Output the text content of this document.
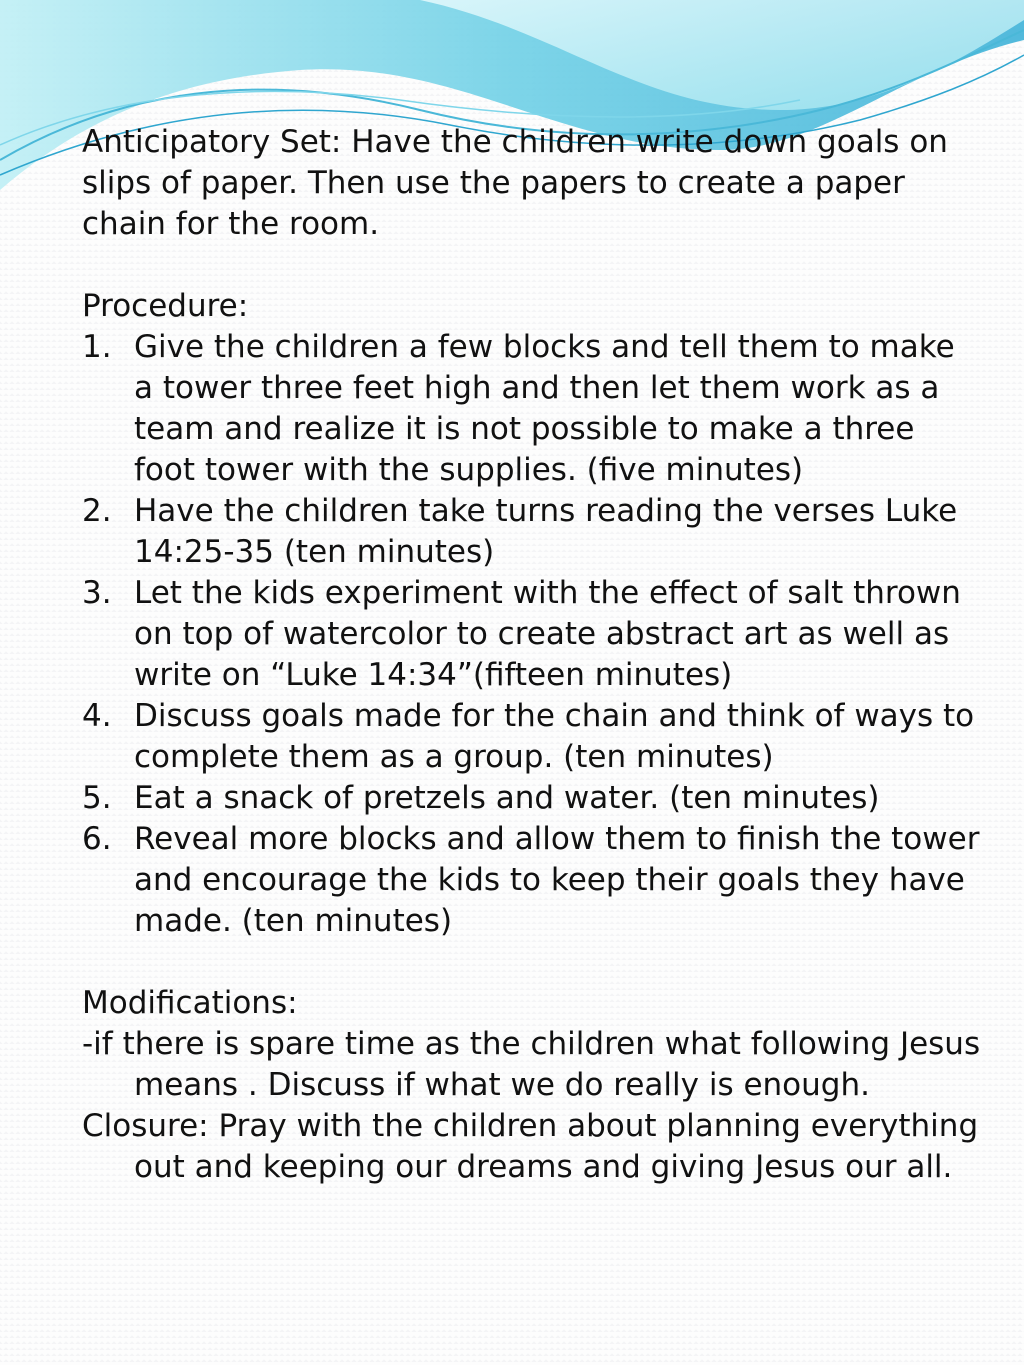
Anticipatory Set: Have the children write down goals on slips of paper. Then use the papers to create a paper chain for the room.

Procedure:

1. Give the children a few blocks and tell them to make a tower three feet high and then let them work as a team and realize it is not possible to make a three foot tower with the supplies. (five minutes)
2. Have the children take turns reading the verses Luke 14:25-35 (ten minutes)
3. Let the kids experiment with the effect of salt thrown on top of watercolor to create abstract art as well as write on “Luke 14:34”(fifteen minutes)
4. Discuss goals made for the chain and think of ways to complete them as a group. (ten minutes)
5. Eat a snack of pretzels and water. (ten minutes)
6. Reveal more blocks and allow them to finish the tower and encourage the kids to keep their goals they have made. (ten minutes)

Modifications:

-if there is spare time as the children what following Jesus means . Discuss if what we do really is enough.

Closure: Pray with the children about planning everything out and keeping our dreams and giving Jesus our all.
